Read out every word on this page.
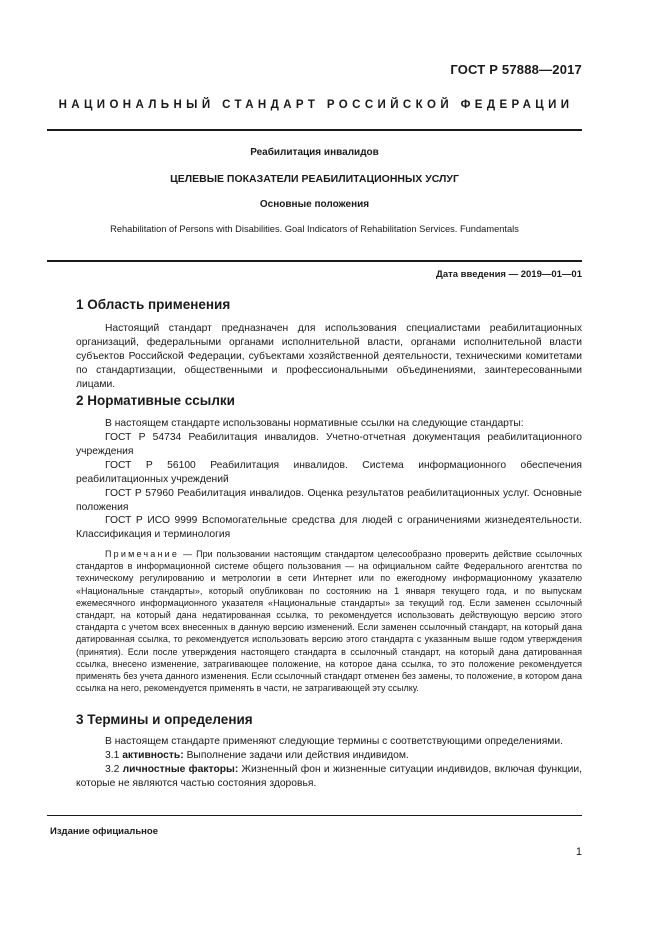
ГОСТ Р 57888—2017
НАЦИОНАЛЬНЫЙ СТАНДАРТ РОССИЙСКОЙ ФЕДЕРАЦИИ
Реабилитация инвалидов
ЦЕЛЕВЫЕ ПОКАЗАТЕЛИ РЕАБИЛИТАЦИОННЫХ УСЛУГ
Основные положения
Rehabilitation of Persons with Disabilities. Goal Indicators of Rehabilitation Services. Fundamentals
Дата введения — 2019—01—01
1 Область применения
Настоящий стандарт предназначен для использования специалистами реабилитационных организаций, федеральными органами исполнительной власти, органами исполнительной власти субъектов Российской Федерации, субъектами хозяйственной деятельности, техническими комитетами по стандартизации, общественными и профессиональными объединениями, заинтересованными лицами.
2 Нормативные ссылки
В настоящем стандарте использованы нормативные ссылки на следующие стандарты:
ГОСТ Р 54734 Реабилитация инвалидов. Учетно-отчетная документация реабилитационного учреждения
ГОСТ Р 56100 Реабилитация инвалидов. Система информационного обеспечения реабилитационных учреждений
ГОСТ Р 57960 Реабилитация инвалидов. Оценка результатов реабилитационных услуг. Основные положения
ГОСТ Р ИСО 9999 Вспомогательные средства для людей с ограничениями жизнедеятельности. Классификация и терминология
Примечание — При пользовании настоящим стандартом целесообразно проверить действие ссылочных стандартов в информационной системе общего пользования — на официальном сайте Федерального агентства по техническому регулированию и метрологии в сети Интернет или по ежегодному информационному указателю «Национальные стандарты», который опубликован по состоянию на 1 января текущего года, и по выпускам ежемесячного информационного указателя «Национальные стандарты» за текущий год. Если заменен ссылочный стандарт, на который дана недатированная ссылка, то рекомендуется использовать действующую версию этого стандарта с учетом всех внесенных в данную версию изменений. Если заменен ссылочный стандарт, на который дана датированная ссылка, то рекомендуется использовать версию этого стандарта с указанным выше годом утверждения (принятия). Если после утверждения настоящего стандарта в ссылочный стандарт, на который дана датированная ссылка, внесено изменение, затрагивающее положение, на которое дана ссылка, то это положение рекомендуется применять без учета данного изменения. Если ссылочный стандарт отменен без замены, то положение, в котором дана ссылка на него, рекомендуется применять в части, не затрагивающей эту ссылку.
3 Термины и определения
В настоящем стандарте применяют следующие термины с соответствующими определениями.
3.1 активность: Выполнение задачи или действия индивидом.
3.2 личностные факторы: Жизненный фон и жизненные ситуации индивидов, включая функции, которые не являются частью состояния здоровья.
Издание официальное
1
